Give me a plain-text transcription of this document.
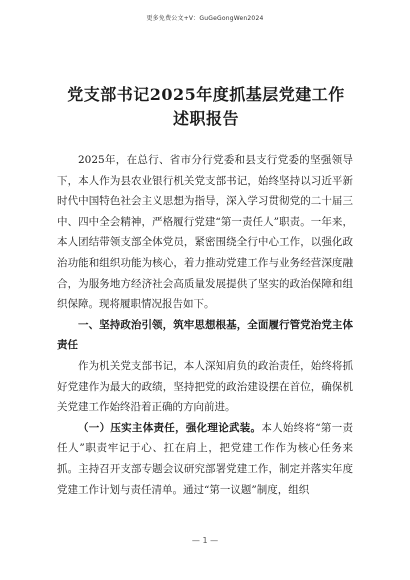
更多免费公文+V：GuGeGongWen2024
党支部书记2025年度抓基层党建工作述职报告

2025年，在总行、省市分行党委和县支行党委的坚强领导下，本人作为县农业银行机关党支部书记，始终坚持以习近平新时代中国特色社会主义思想为指导，深入学习贯彻党的二十届三中、四中全会精神，严格履行党建“第一责任人”职责。一年来，本人团结带领支部全体党员，紧密围绕全行中心工作，以强化政治功能和组织功能为核心，着力推动党建工作与业务经营深度融合，为服务地方经济社会高质量发展提供了坚实的政治保障和组织保障。现将履职情况报告如下。

一、坚持政治引领，筑牢思想根基，全面履行管党治党主体责任

作为机关党支部书记，本人深知肩负的政治责任，始终将抓好党建作为最大的政绩，坚持把党的政治建设摆在首位，确保机关党建工作始终沿着正确的方向前进。

（一）压实主体责任，强化理论武装。本人始终将“第一责任人”职责牢记于心、扛在肩上，把党建工作作为核心任务来抓。主持召开支部专题会议研究部署党建工作，制定并落实年度党建工作计划与责任清单。通过“第一议题”制度，组织

— 1 —
